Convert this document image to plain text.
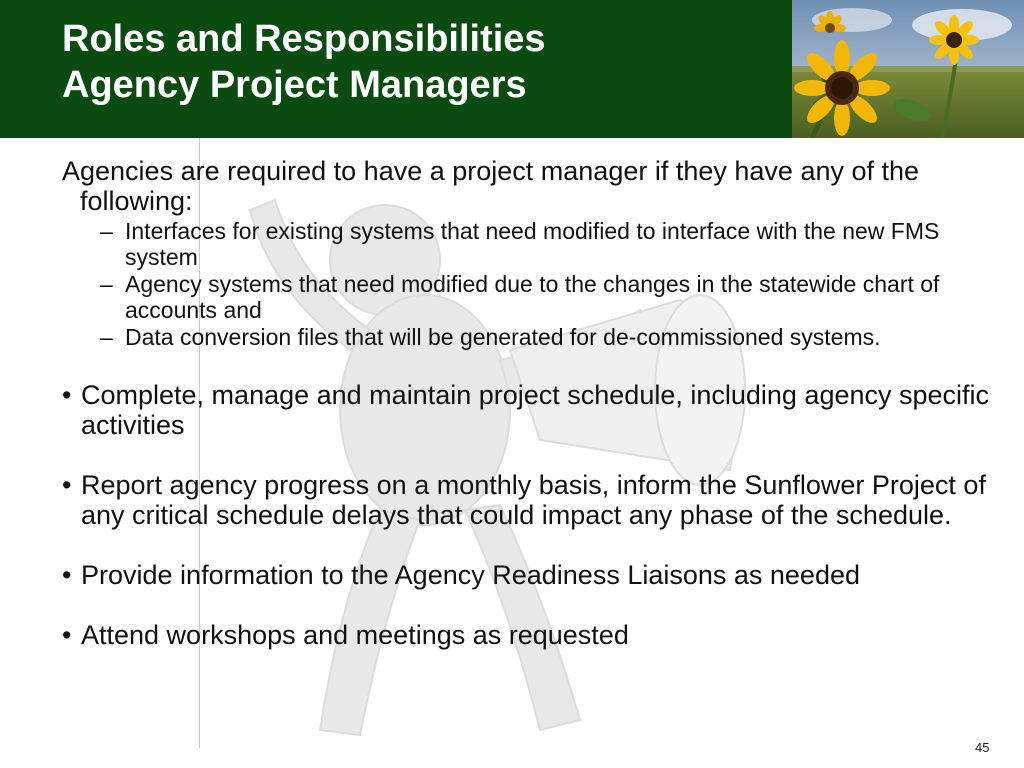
Roles and Responsibilities
Agency Project Managers

Agencies are required to have a project manager if they have any of the following:

– Interfaces for existing systems that need modified to interface with the new FMS system
– Agency systems that need modified due to the changes in the statewide chart of accounts and
– Data conversion files that will be generated for de-commissioned systems.
• Complete, manage and maintain project schedule, including agency specific activities
• Report agency progress on a monthly basis, inform the Sunflower Project of any critical schedule delays that could impact any phase of the schedule.
• Provide information to the Agency Readiness Liaisons as needed
• Attend workshops and meetings as requested
45
